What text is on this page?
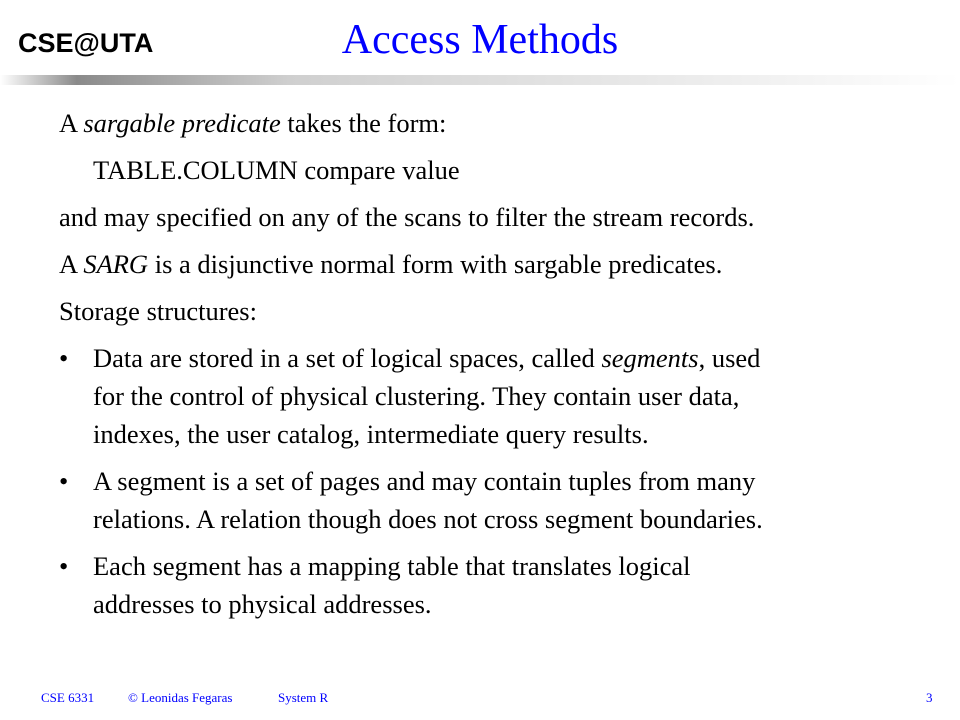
CSE@UTA	Access Methods

A sargable predicate takes the form:

TABLE.COLUMN compare value

and may specified on any of the scans to filter the stream records.

A SARG is a disjunctive normal form with sargable predicates.

Storage structures:

• Data are stored in a set of logical spaces, called segments, used
for the control of physical clustering. They contain user data,
indexes, the user catalog, intermediate query results.
• A segment is a set of pages and may contain tuples from many
relations. A relation though does not cross segment boundaries.
• Each segment has a mapping table that translates logical
addresses to physical addresses.
CSE 6331	© Leonidas Fegaras	System R	3
